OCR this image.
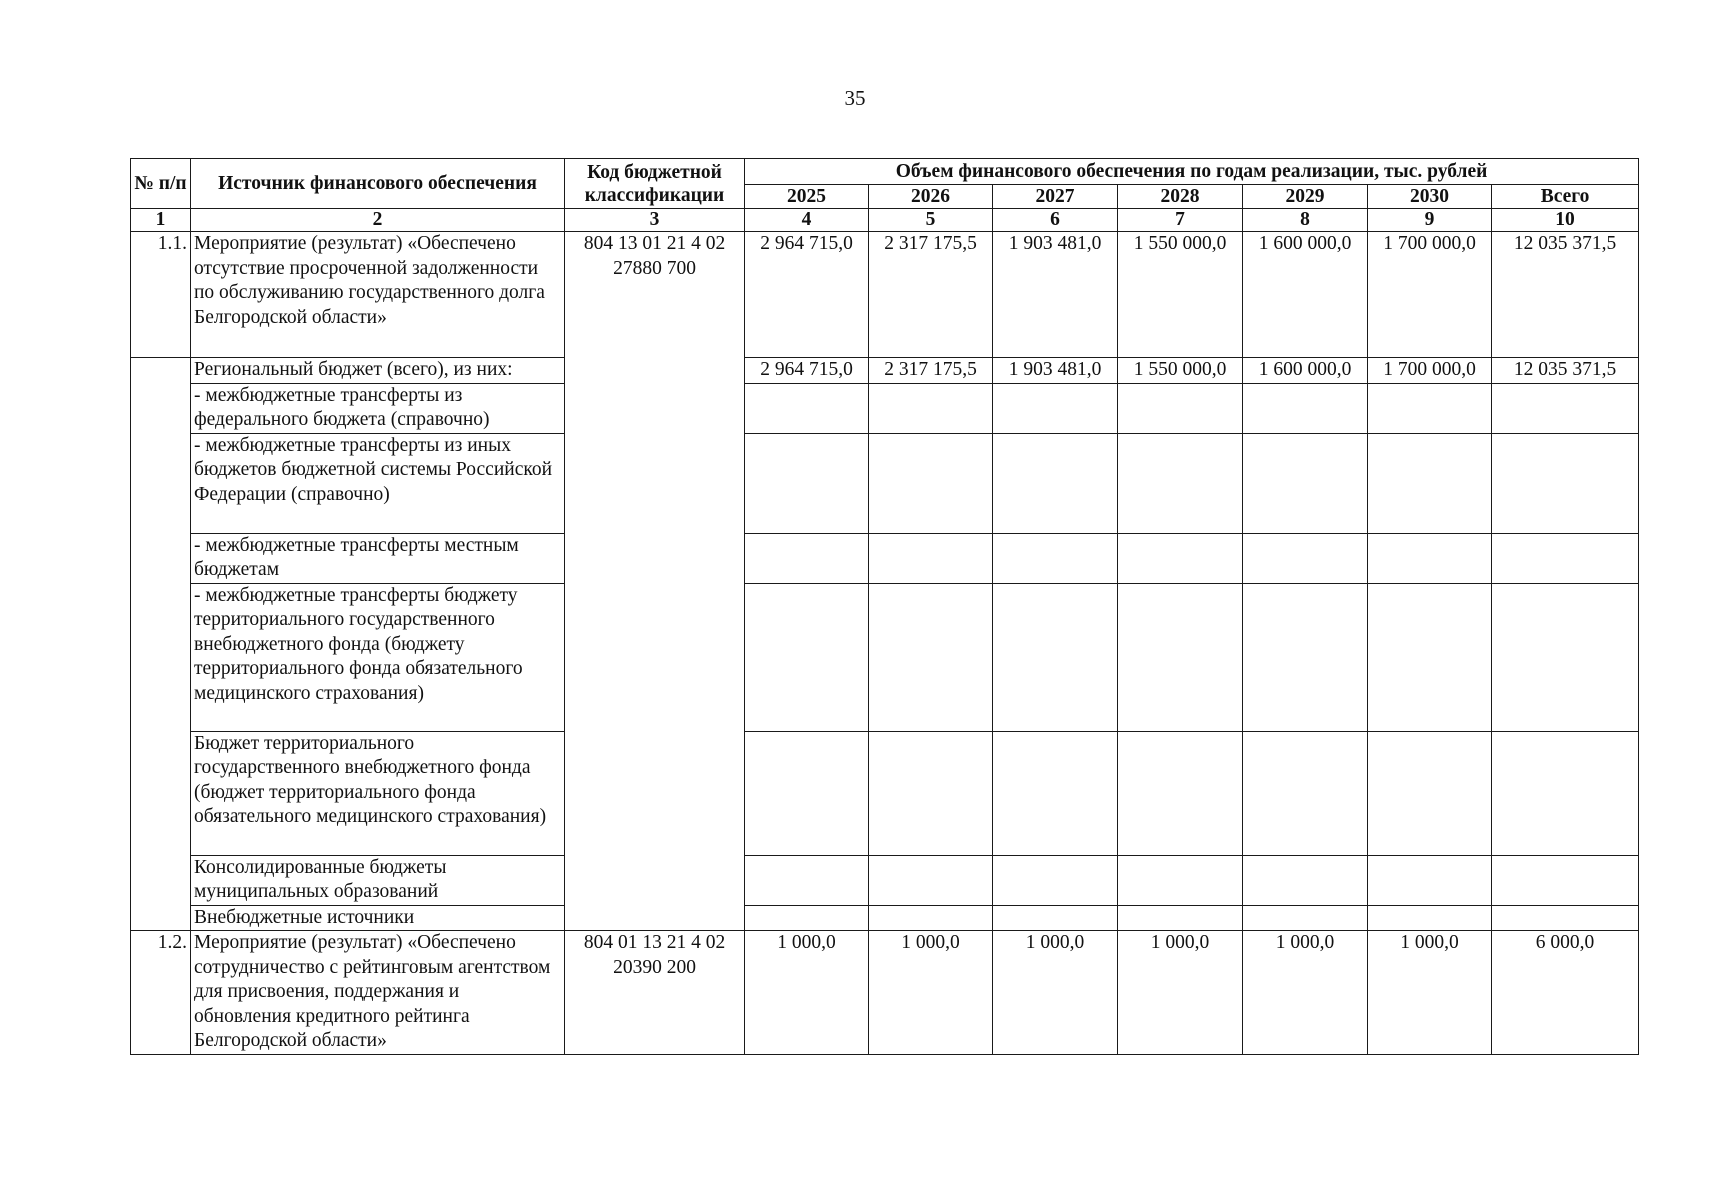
35
№ п/п	Источник финансового обеспечения	Код бюджетной классификации	Объем финансового обеспечения по годам реализации, тыс. рублей						
			2025	2026	2027	2028	2029	2030	Всего
1	2	3	4	5	6	7	8	9	10
1.1.	Мероприятие (результат) «Обеспечено отсутствие просроченной задолженности по обслуживанию государственного долга Белгородской области»	804 13 01 21 4 02 27880 700	2 964 715,0	2 317 175,5	1 903 481,0	1 550 000,0	1 600 000,0	1 700 000,0	12 035 371,5
	Региональный бюджет (всего), из них:		2 964 715,0	2 317 175,5	1 903 481,0	1 550 000,0	1 600 000,0	1 700 000,0	12 035 371,5
	- межбюджетные трансферты из федерального бюджета (справочно)								
	- межбюджетные трансферты из иных бюджетов бюджетной системы Российской Федерации (справочно)								
	- межбюджетные трансферты местным бюджетам								
	- межбюджетные трансферты бюджету территориального государственного внебюджетного фонда (бюджету территориального фонда обязательного медицинского страхования)								
	Бюджет территориального государственного внебюджетного фонда (бюджет территориального фонда обязательного медицинского страхования)								
	Консолидированные бюджеты муниципальных образований								
	Внебюджетные источники								
1.2.	Мероприятие (результат) «Обеспечено сотрудничество с рейтинговым агентством для присвоения, поддержания и обновления кредитного рейтинга Белгородской области»	804 01 13 21 4 02 20390 200	1 000,0	1 000,0	1 000,0	1 000,0	1 000,0	1 000,0	6 000,0
